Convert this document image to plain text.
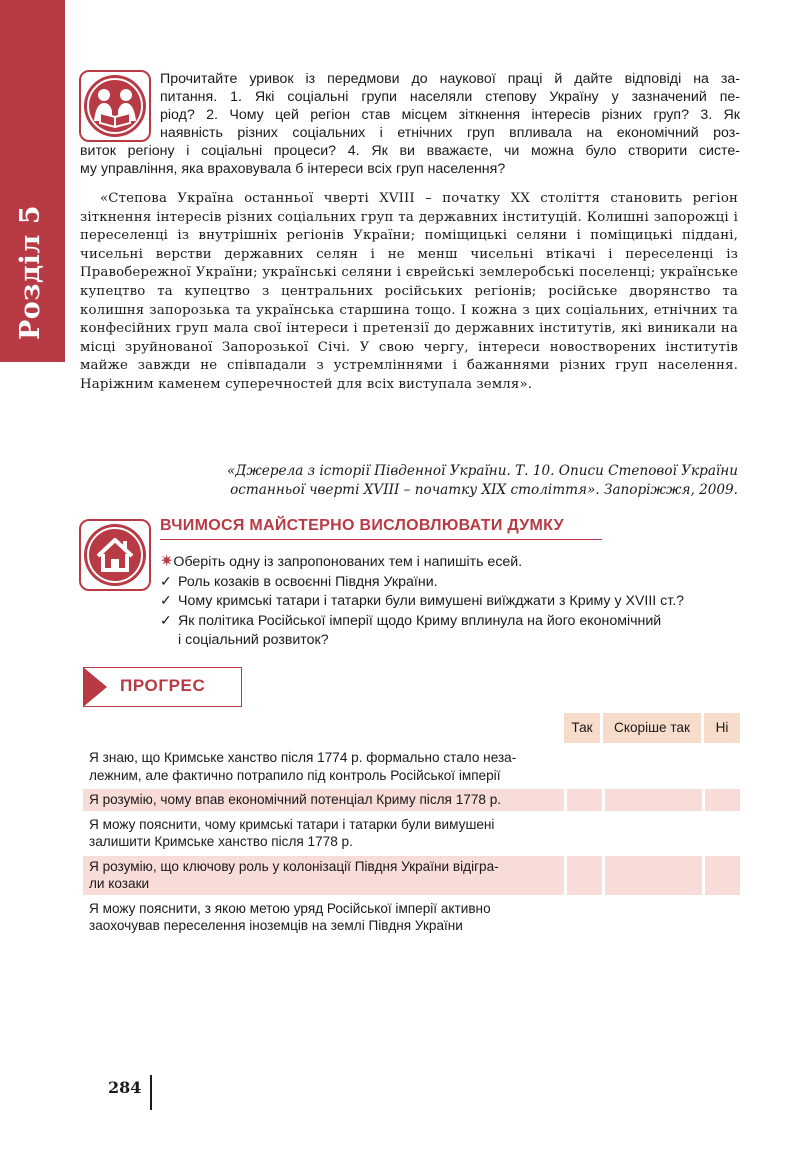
Розділ 5
Прочитайте уривок із передмови до наукової праці й дайте відповіді на за-
питання. 1. Які соціальні групи населяли степову Україну у зазначений пе-
ріод? 2. Чому цей регіон став місцем зіткнення інтересів різних груп? 3. Як
наявність різних соціальних і етнічних груп впливала на економічний роз-
виток регіону і соціальні процеси? 4. Як ви вважаєте, чи можна було створити систе-
му управління, яка враховувала б інтереси всіх груп населення?
«Степова Україна останньої чверті XVIII – початку XX століття становить регіон зіткнення інтересів різних соціальних груп та державних інституцій. Колишні запорожці і переселенці із внутрішніх регіонів України; поміщицькі селяни і поміщицькі піддані, чисельні верстви державних селян і не менш чисельні втікачі і переселенці із Правобережної України; українські селяни і єврейські землеробські поселенці; українське купецтво та купецтво з центральних російських регіонів; російське дворянство та колишня запорозька та українська старшина тощо. І кожна з цих соціальних, етнічних та конфесійних груп мала свої інтереси і претензії до державних інститутів, які виникали на місці зруйнованої Запорозької Січі. У свою чергу, інтереси новостворених інститутів майже завжди не співпадали з устремліннями і бажаннями різних груп населення. Наріжним каменем суперечностей для всіх виступала земля».
«Джерела з історії Південної України. Т. 10. Описи Степової України
останньої чверті XVIII – початку XIX століття». Запоріжжя, 2009.
ВЧИМОСЯ МАЙСТЕРНО ВИСЛОВЛЮВАТИ ДУМКУ
✷Оберіть одну із запропонованих тем і напишіть есей.
✓ Роль козаків в освоєнні Півдня України.
✓ Чому кримські татари і татарки були вимушені виїжджати з Криму у XVIII ст.?
✓ Як політика Російської імперії щодо Криму вплинула на його економічний
і соціальний розвиток?
ПРОГРЕС
Так	Скоріше так	Ні
Я знаю, що Кримське ханство після 1774 р. формально стало неза-
лежним, але фактично потрапило під контроль Російської імперії
Я розумію, чому впав економічний потенціал Криму після 1778 р.
Я можу пояснити, чому кримські татари і татарки були вимушені
залишити Кримське ханство після 1778 р.
Я розумію, що ключову роль у колонізації Півдня України відігра-
ли козаки
Я можу пояснити, з якою метою уряд Російської імперії активно
заохочував переселення іноземців на землі Півдня України
284
